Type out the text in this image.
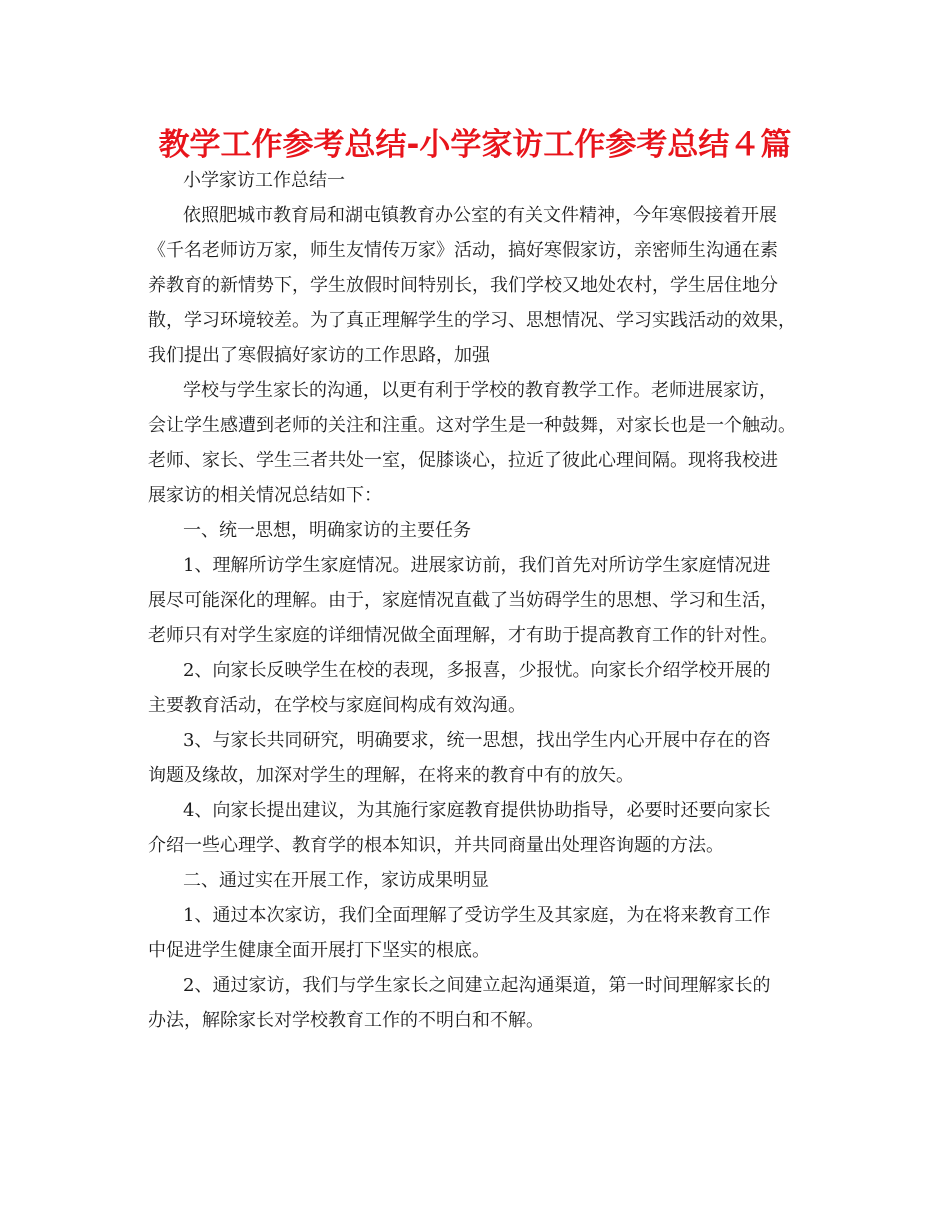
教学工作参考总结-小学家访工作参考总结４篇
小学家访工作总结一
依照肥城市教育局和湖屯镇教育办公室的有关文件精神，今年寒假接着开展
《千名老师访万家，师生友情传万家》活动，搞好寒假家访，亲密师生沟通在素
养教育的新情势下，学生放假时间特别长，我们学校又地处农村，学生居住地分
散，学习环境较差。为了真正理解学生的学习、思想情况、学习实践活动的效果，
我们提出了寒假搞好家访的工作思路，加强
学校与学生家长的沟通，以更有利于学校的教育教学工作。老师进展家访，
会让学生感遭到老师的关注和注重。这对学生是一种鼓舞，对家长也是一个触动。
老师、家长、学生三者共处一室，促膝谈心，拉近了彼此心理间隔。现将我校进
展家访的相关情况总结如下：
一、统一思想，明确家访的主要任务
1、理解所访学生家庭情况。进展家访前，我们首先对所访学生家庭情况进
展尽可能深化的理解。由于，家庭情况直截了当妨碍学生的思想、学习和生活，
老师只有对学生家庭的详细情况做全面理解，才有助于提高教育工作的针对性。
2、向家长反映学生在校的表现，多报喜，少报忧。向家长介绍学校开展的
主要教育活动，在学校与家庭间构成有效沟通。
3、与家长共同研究，明确要求，统一思想，找出学生内心开展中存在的咨
询题及缘故，加深对学生的理解，在将来的教育中有的放矢。
4、向家长提出建议，为其施行家庭教育提供协助指导，必要时还要向家长
介绍一些心理学、教育学的根本知识，并共同商量出处理咨询题的方法。
二、通过实在开展工作，家访成果明显
1、通过本次家访，我们全面理解了受访学生及其家庭，为在将来教育工作
中促进学生健康全面开展打下坚实的根底。
2、通过家访，我们与学生家长之间建立起沟通渠道，第一时间理解家长的
办法，解除家长对学校教育工作的不明白和不解。
